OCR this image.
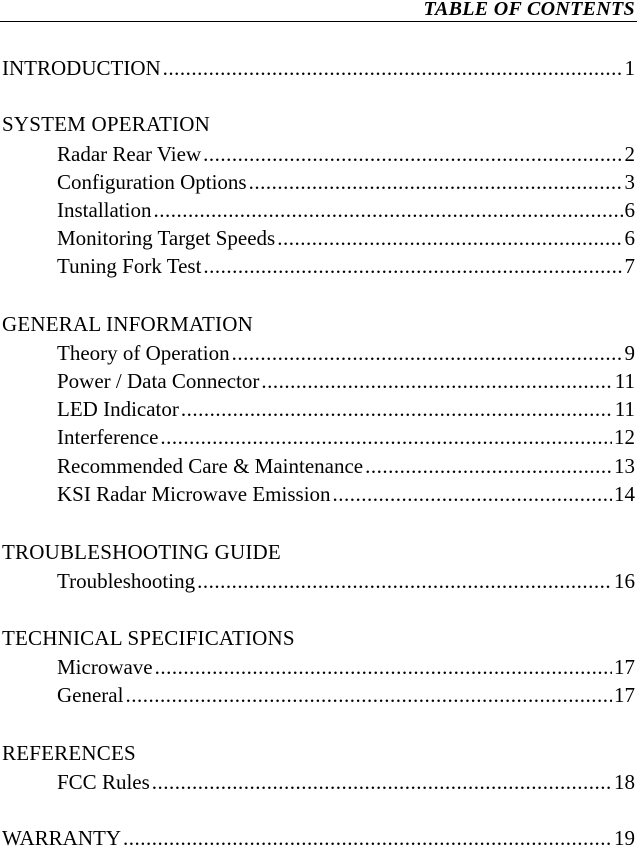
TABLE OF CONTENTS
INTRODUCTION .....	1
SYSTEM OPERATION
Radar Rear View .....	2
Configuration Options .....	3
Installation .....	6
Monitoring Target Speeds .....	6
Tuning Fork Test .....	7
GENERAL INFORMATION
Theory of Operation .....	9
Power / Data Connector .....	11
LED Indicator .....	11
Interference .....	12
Recommended Care & Maintenance .....	13
KSI Radar Microwave Emission .....	14
TROUBLESHOOTING GUIDE
Troubleshooting .....	16
TECHNICAL SPECIFICATIONS
Microwave .....	17
General .....	17
REFERENCES
FCC Rules .....	18
WARRANTY .....	19
